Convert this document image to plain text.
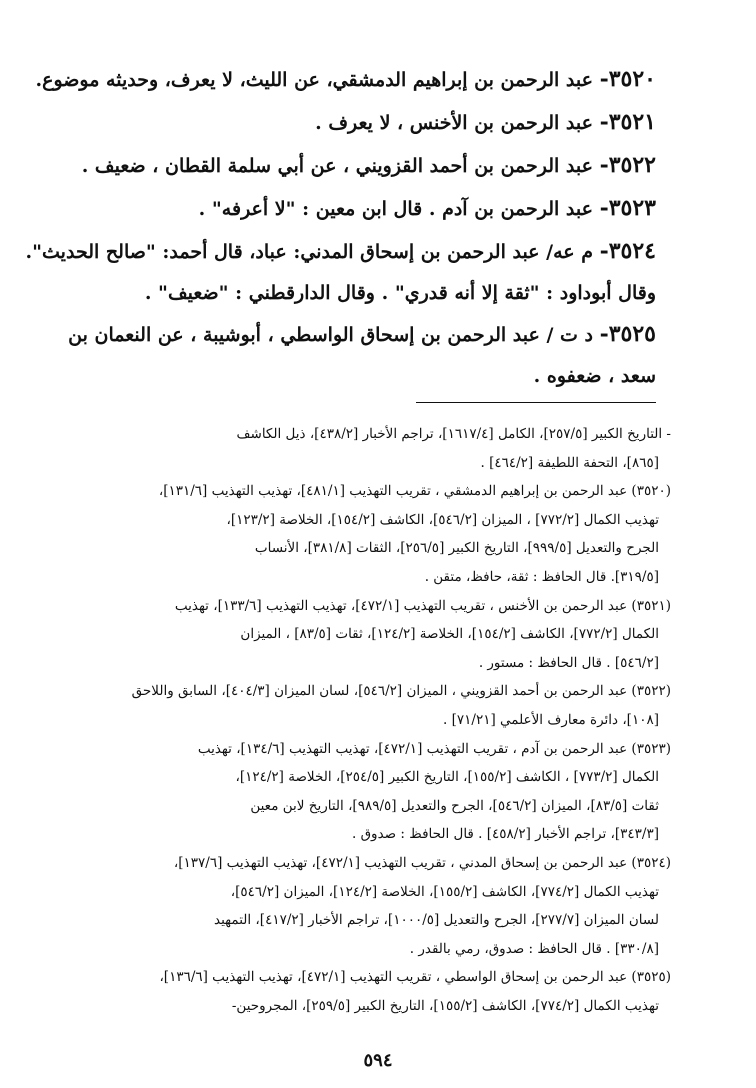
٣٥٢٠- عبد الرحمن بن إبراهيم الدمشقي، عن الليث، لا يعرف، وحديثه موضوع.

٣٥٢١- عبد الرحمن بن الأخنس ، لا يعرف .

٣٥٢٢- عبد الرحمن بن أحمد القزويني ، عن أبي سلمة القطان ، ضعيف .

٣٥٢٣- عبد الرحمن بن آدم . قال ابن معين : "لا أعرفه" .

٣٥٢٤- م عه/ عبد الرحمن بن إسحاق المدني: عباد، قال أحمد: "صالح الحديث".
وقال أبوداود : "ثقة إلا أنه قدري" . وقال الدارقطني : "ضعيف" .

٣٥٢٥- د ت / عبد الرحمن بن إسحاق الواسطي ، أبوشيبة ، عن النعمان بن
سعد ، ضعفوه .

- التاريخ الكبير [٢٥٧/٥]، الكامل [١٦١٧/٤]، تراجم الأخبار [٤٣٨/٢]، ذيل الكاشف
[٨٦٥]، التحفة اللطيفة [٤٦٤/٢] .

(٣٥٢٠) عبد الرحمن بن إبراهيم الدمشقي ، تقريب التهذيب [٤٨١/١]، تهذيب التهذيب [١٣١/٦]،
تهذيب الكمال [٧٧٢/٢] ، الميزان [٥٤٦/٢]، الكاشف [١٥٤/٢]، الخلاصة [١٢٣/٢]،
الجرح والتعديل [٩٩٩/٥]، التاريخ الكبير [٢٥٦/٥]، الثقات [٣٨١/٨]، الأنساب
[٣١٩/٥]. قال الحافظ : ثقة، حافظ، متقن .

(٣٥٢١) عبد الرحمن بن الأخنس ، تقريب التهذيب [٤٧٢/١]، تهذيب التهذيب [١٣٣/٦]، تهذيب
الكمال [٧٧٢/٢]، الكاشف [١٥٤/٢]، الخلاصة [١٢٤/٢]، ثقات [٨٣/٥] ، الميزان
[٥٤٦/٢] . قال الحافظ : مستور .

(٣٥٢٢) عبد الرحمن بن أحمد القزويني ، الميزان [٥٤٦/٢]، لسان الميزان [٤٠٤/٣]، السابق واللاحق
[١٠٨]، دائرة معارف الأعلمي [٧١/٢١] .

(٣٥٢٣) عبد الرحمن بن آدم ، تقريب التهذيب [٤٧٢/١]، تهذيب التهذيب [١٣٤/٦]، تهذيب
الكمال [٧٧٣/٢] ، الكاشف [١٥٥/٢]، التاريخ الكبير [٢٥٤/٥]، الخلاصة [١٢٤/٢]،
ثقات [٨٣/٥]، الميزان [٥٤٦/٢]، الجرح والتعديل [٩٨٩/٥]، التاريخ لابن معين
[٣٤٣/٣]، تراجم الأخبار [٤٥٨/٢] . قال الحافظ : صدوق .

(٣٥٢٤) عبد الرحمن بن إسحاق المدني ، تقريب التهذيب [٤٧٢/١]، تهذيب التهذيب [١٣٧/٦]،
تهذيب الكمال [٧٧٤/٢]، الكاشف [١٥٥/٢]، الخلاصة [١٢٤/٢]، الميزان [٥٤٦/٢]،
لسان الميزان [٢٧٧/٧]، الجرح والتعديل [١٠٠٠/٥]، تراجم الأخبار [٤١٧/٢]، التمهيد
[٣٣٠/٨] . قال الحافظ : صدوق، رمي بالقدر .

(٣٥٢٥) عبد الرحمن بن إسحاق الواسطي ، تقريب التهذيب [٤٧٢/١]، تهذيب التهذيب [١٣٦/٦]،
تهذيب الكمال [٧٧٤/٢]، الكاشف [١٥٥/٢]، التاريخ الكبير [٢٥٩/٥]، المجروحين-

٥٩٤
